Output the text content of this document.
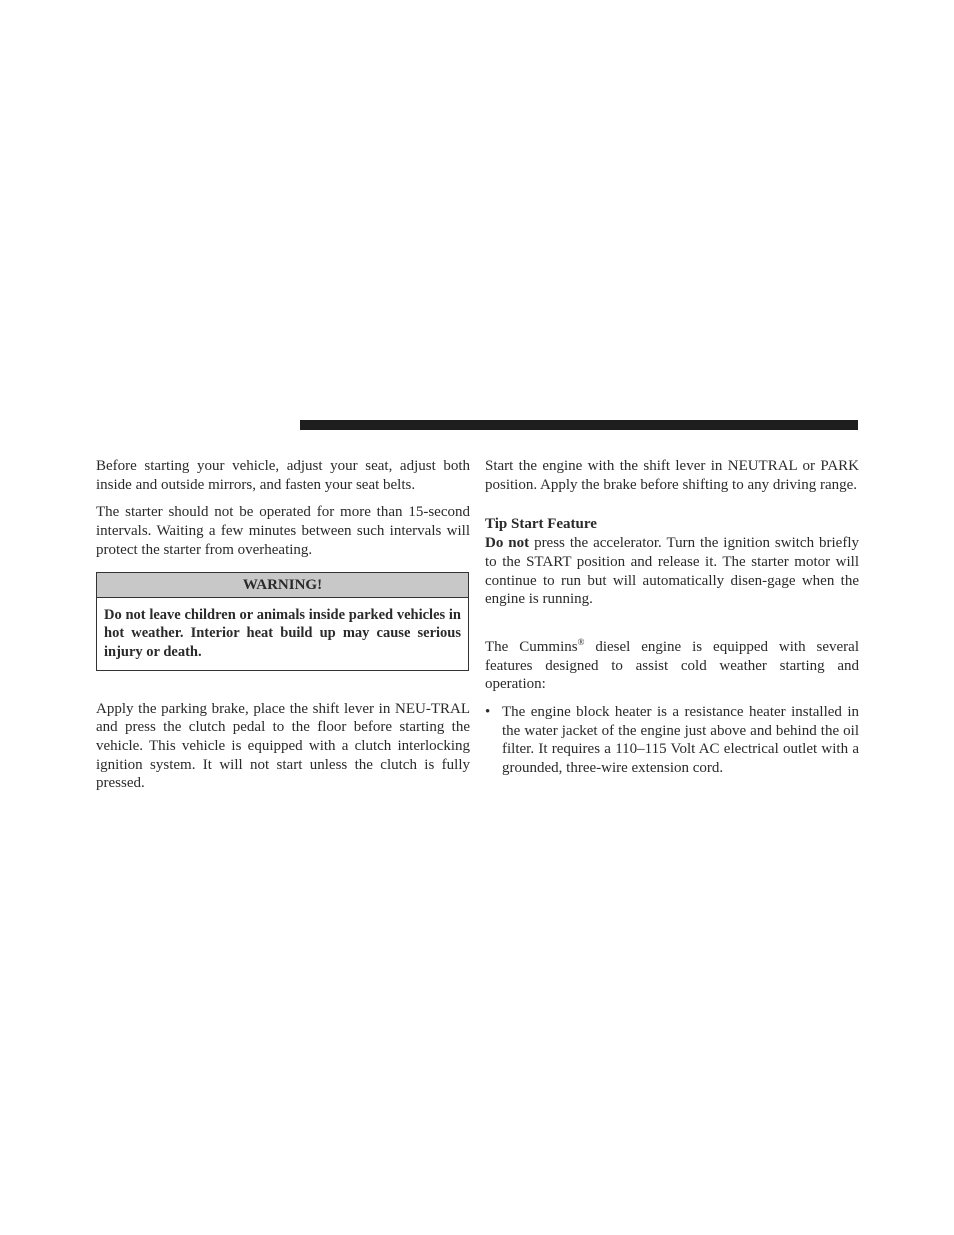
Before starting your vehicle, adjust your seat, adjust both inside and outside mirrors, and fasten your seat belts.

The starter should not be operated for more than 15-second intervals. Waiting a few minutes between such intervals will protect the starter from overheating.

WARNING!
Do not leave children or animals inside parked vehicles in hot weather. Interior heat build up may cause serious injury or death.

Apply the parking brake, place the shift lever in NEU-TRAL and press the clutch pedal to the floor before starting the vehicle. This vehicle is equipped with a clutch interlocking ignition system. It will not start unless the clutch is fully pressed.

Start the engine with the shift lever in NEUTRAL or PARK position. Apply the brake before shifting to any driving range.

Tip Start Feature

Do not press the accelerator. Turn the ignition switch briefly to the START position and release it. The starter motor will continue to run but will automatically disen-gage when the engine is running.

The Cummins® diesel engine is equipped with several features designed to assist cold weather starting and operation:

• The engine block heater is a resistance heater installed in the water jacket of the engine just above and behind the oil filter. It requires a 110–115 Volt AC electrical outlet with a grounded, three-wire extension cord.
